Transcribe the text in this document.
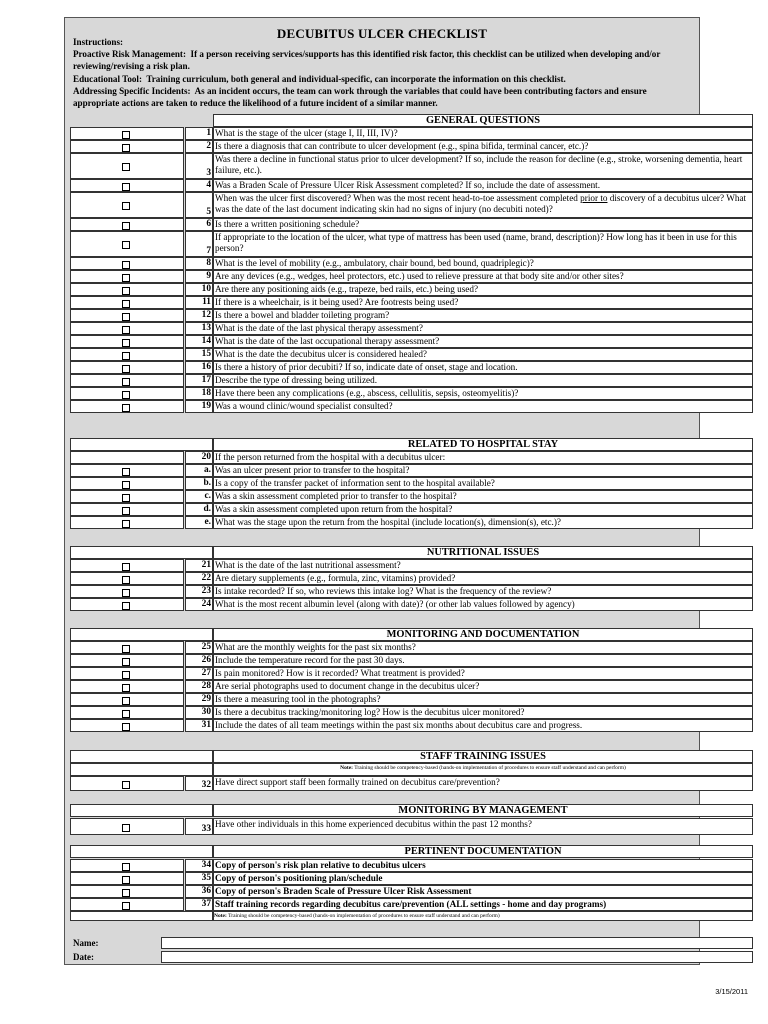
DECUBITUS ULCER CHECKLIST
Instructions:
Proactive Risk Management: If a person receiving services/supports has this identified risk factor, this checklist can be utilized when developing and/or reviewing/revising a risk plan.
Educational Tool: Training curriculum, both general and individual-specific, can incorporate the information on this checklist.
Addressing Specific Incidents: As an incident occurs, the team can work through the variables that could have been contributing factors and ensure appropriate actions are taken to reduce the likelihood of a future incident of a similar manner.
GENERAL QUESTIONS
1 What is the stage of the ulcer (stage I, II, III, IV)?
2 Is there a diagnosis that can contribute to ulcer development (e.g., spina bifida, terminal cancer, etc.)?
3
Was there a decline in functional status prior to ulcer development? If so, include the reason for decline (e.g., stroke, worsening dementia, heart failure, etc.).
4 Was a Braden Scale of Pressure Ulcer Risk Assessment completed? If so, include the date of assessment.
5
When was the ulcer first discovered? When was the most recent head-to-toe assessment completed prior to discovery of a decubitus ulcer? What was the date of the last document indicating skin had no signs of injury (no decubiti noted)?
6 Is there a written positioning schedule?
7
If appropriate to the location of the ulcer, what type of mattress has been used (name, brand, description)? How long has it been in use for this person?
8 What is the level of mobility (e.g., ambulatory, chair bound, bed bound, quadriplegic)?
9 Are any devices (e.g., wedges, heel protectors, etc.) used to relieve pressure at that body site and/or other sites?
10 Are there any positioning aids (e.g., trapeze, bed rails, etc.) being used?
11 If there is a wheelchair, is it being used? Are footrests being used?
12 Is there a bowel and bladder toileting program?
13 What is the date of the last physical therapy assessment?
14 What is the date of the last occupational therapy assessment?
15 What is the date the decubitus ulcer is considered healed?
16 Is there a history of prior decubiti? If so, indicate date of onset, stage and location.
17 Describe the type of dressing being utilized.
18 Have there been any complications (e.g., abscess, cellulitis, sepsis, osteomyelitis)?
19 Was a wound clinic/wound specialist consulted?
RELATED TO HOSPITAL STAY
20 If the person returned from the hospital with a decubitus ulcer:
a. Was an ulcer present prior to transfer to the hospital?
b. Is a copy of the transfer packet of information sent to the hospital available?
c. Was a skin assessment completed prior to transfer to the hospital?
d. Was a skin assessment completed upon return from the hospital?
e. What was the stage upon the return from the hospital (include location(s), dimension(s), etc.)?
NUTRITIONAL ISSUES
21 What is the date of the last nutritional assessment?
22 Are dietary supplements (e.g., formula, zinc, vitamins) provided?
23 Is intake recorded? If so, who reviews this intake log? What is the frequency of the review?
24 What is the most recent albumin level (along with date)? (or other lab values followed by agency)
MONITORING AND DOCUMENTATION
25 What are the monthly weights for the past six months?
26 Include the temperature record for the past 30 days.
27 Is pain monitored? How is it recorded? What treatment is provided?
28 Are serial photographs used to document change in the decubitus ulcer?
29 Is there a measuring tool in the photographs?
30 Is there a decubitus tracking/monitoring log? How is the decubitus ulcer monitored?
31 Include the dates of all team meetings within the past six months about decubitus care and progress.
STAFF TRAINING ISSUES
Note: Training should be competency-based (hands-on implementation of procedures to ensure staff understand and can perform)
32 Have direct support staff been formally trained on decubitus care/prevention?
MONITORING BY MANAGEMENT
33 Have other individuals in this home experienced decubitus within the past 12 months?
PERTINENT DOCUMENTATION
34 Copy of person's risk plan relative to decubitus ulcers
35 Copy of person's positioning plan/schedule
36 Copy of person's Braden Scale of Pressure Ulcer Risk Assessment
37 Staff training records regarding decubitus care/prevention (ALL settings - home and day programs)
Note: Training should be competency-based (hands-on implementation of procedures to ensure staff understand and can perform)
Name:
Date:
3/15/2011
